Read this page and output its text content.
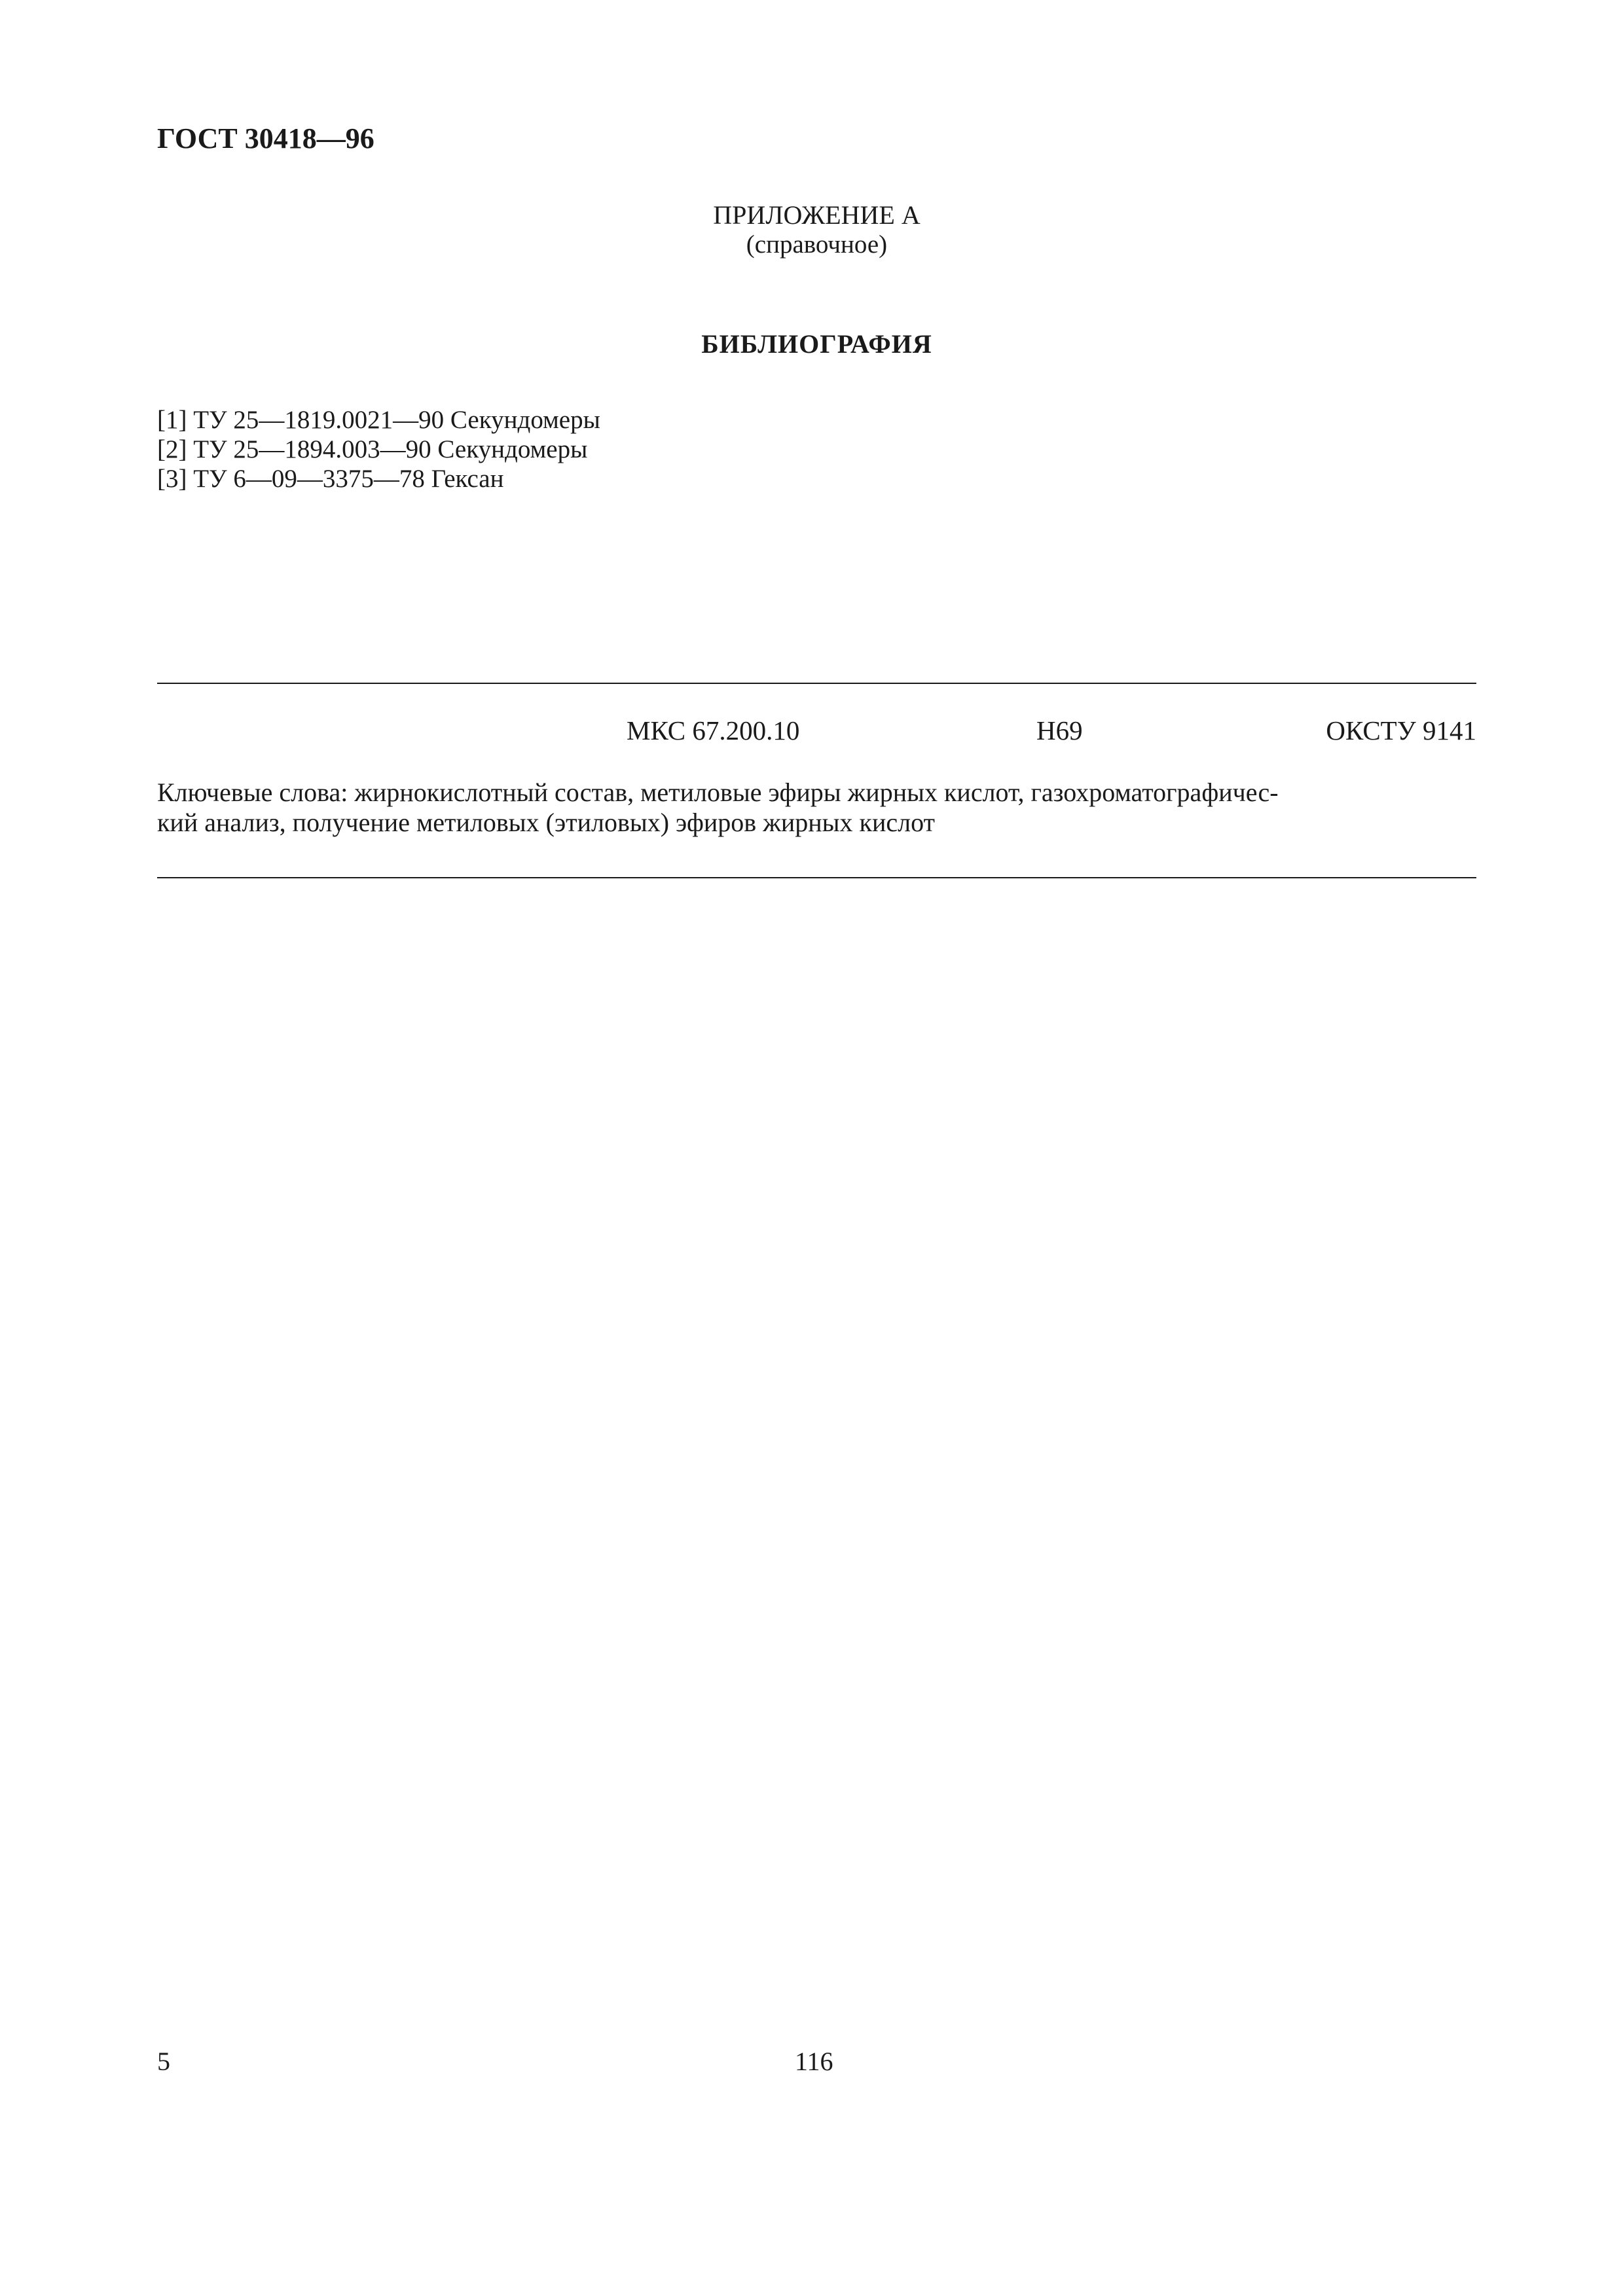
ГОСТ 30418—96
ПРИЛОЖЕНИЕ А
(справочное)
БИБЛИОГРАФИЯ
[1] ТУ 25—1819.0021—90 Секундомеры
[2] ТУ 25—1894.003—90 Секундомеры
[3] ТУ 6—09—3375—78 Гексан
МКС 67.200.10	Н69	ОКСТУ 9141
Ключевые слова: жирнокислотный состав, метиловые эфиры жирных кислот, газохроматографичес-
кий анализ, получение метиловых (этиловых) эфиров жирных кислот
5	116
